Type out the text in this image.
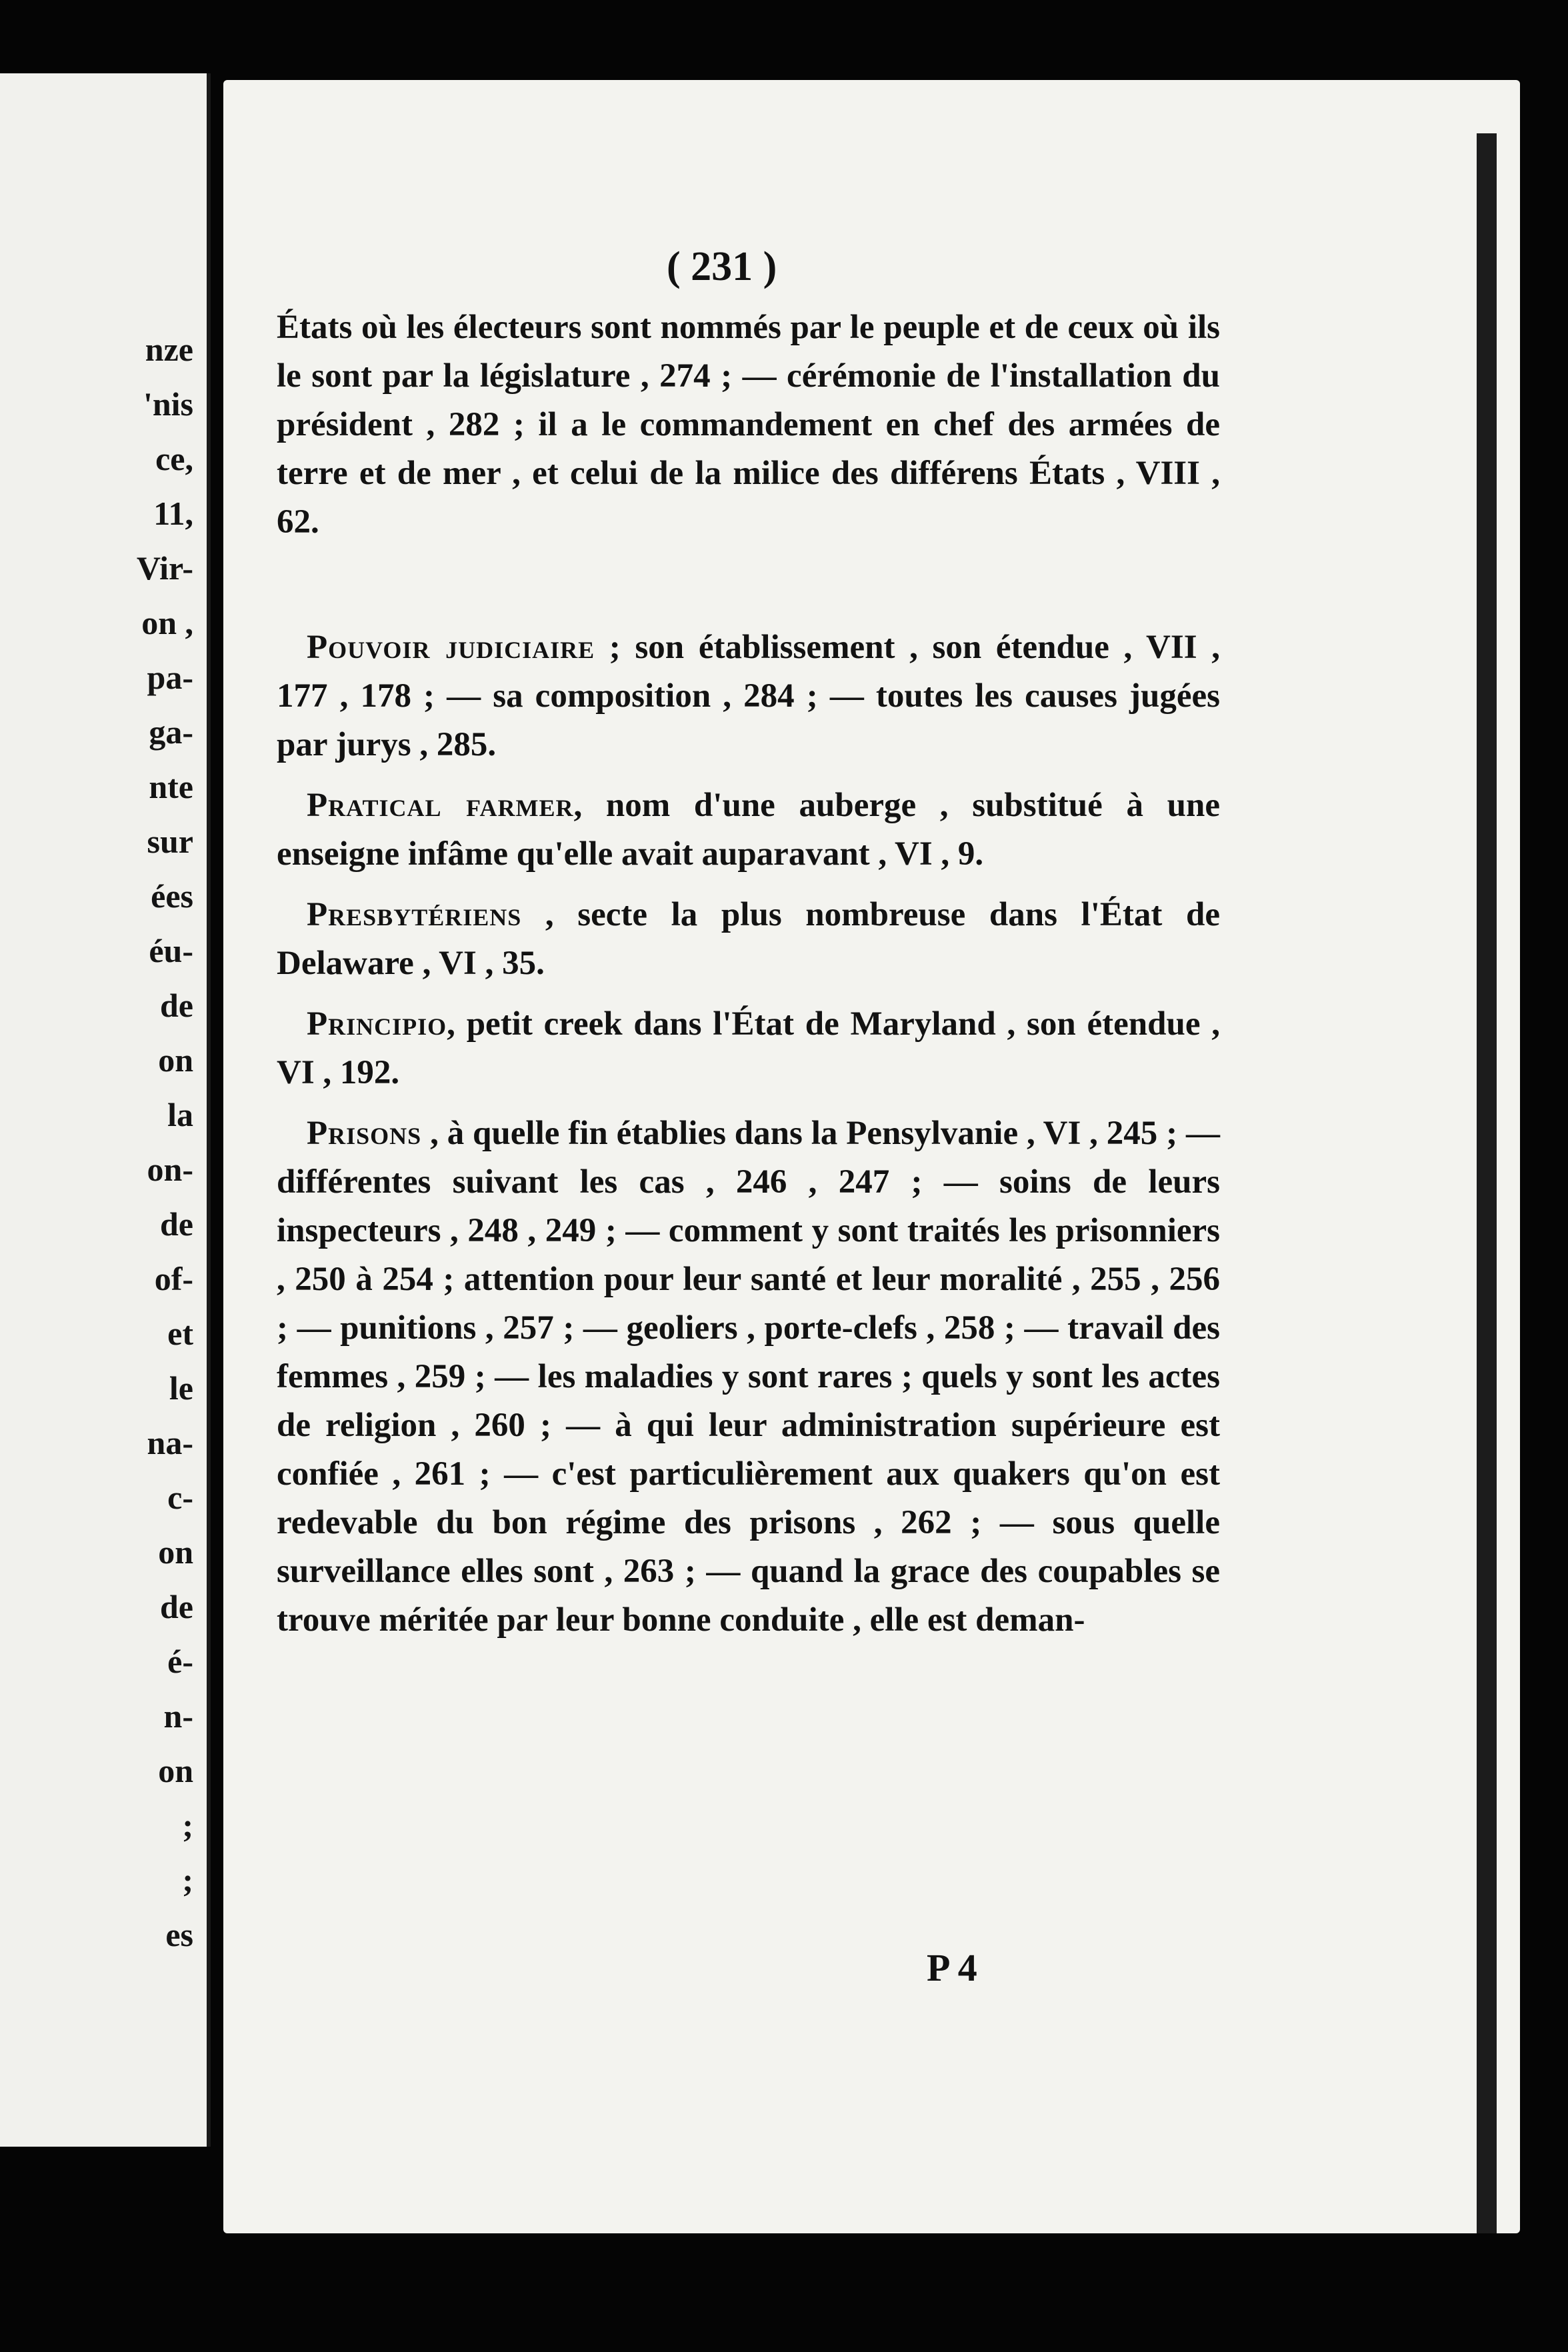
nze
'nis
ce,
11,
Vir-
on ,
pa-
ga-
nte
sur
ées
éu-
de
on
la
on-
de
of-
et
le
na-
c-
on
de
é-
n-
on
;
;
es
( 231 )

États où les électeurs sont nommés par le peuple et de ceux où ils le sont par la législature , 274 ; — cérémonie de l'installation du président , 282 ; il a le commandement en chef des armées de terre et de mer , et celui de la milice des différens États , VIII , 62.

Pouvoir judiciaire ; son établissement , son étendue , VII , 177 , 178 ; — sa composition , 284 ; — toutes les causes jugées par jurys , 285.

Pratical farmer, nom d'une auberge , substitué à une enseigne infâme qu'elle avait auparavant , VI , 9.

Presbytériens , secte la plus nombreuse dans l'État de Delaware , VI , 35.

Principio, petit creek dans l'État de Maryland , son étendue , VI , 192.

Prisons , à quelle fin établies dans la Pensylvanie , VI , 245 ; — différentes suivant les cas , 246 , 247 ; — soins de leurs inspecteurs , 248 , 249 ; — comment y sont traités les prisonniers , 250 à 254 ; attention pour leur santé et leur moralité , 255 , 256 ; — punitions , 257 ; — geoliers , porte-clefs , 258 ; — travail des femmes , 259 ; — les maladies y sont rares ; quels y sont les actes de religion , 260 ; — à qui leur administration supérieure est confiée , 261 ; — c'est particulièrement aux quakers qu'on est redevable du bon régime des prisons , 262 ; — sous quelle surveillance elles sont , 263 ; — quand la grace des coupables se trouve méritée par leur bonne conduite , elle est deman-

P 4
